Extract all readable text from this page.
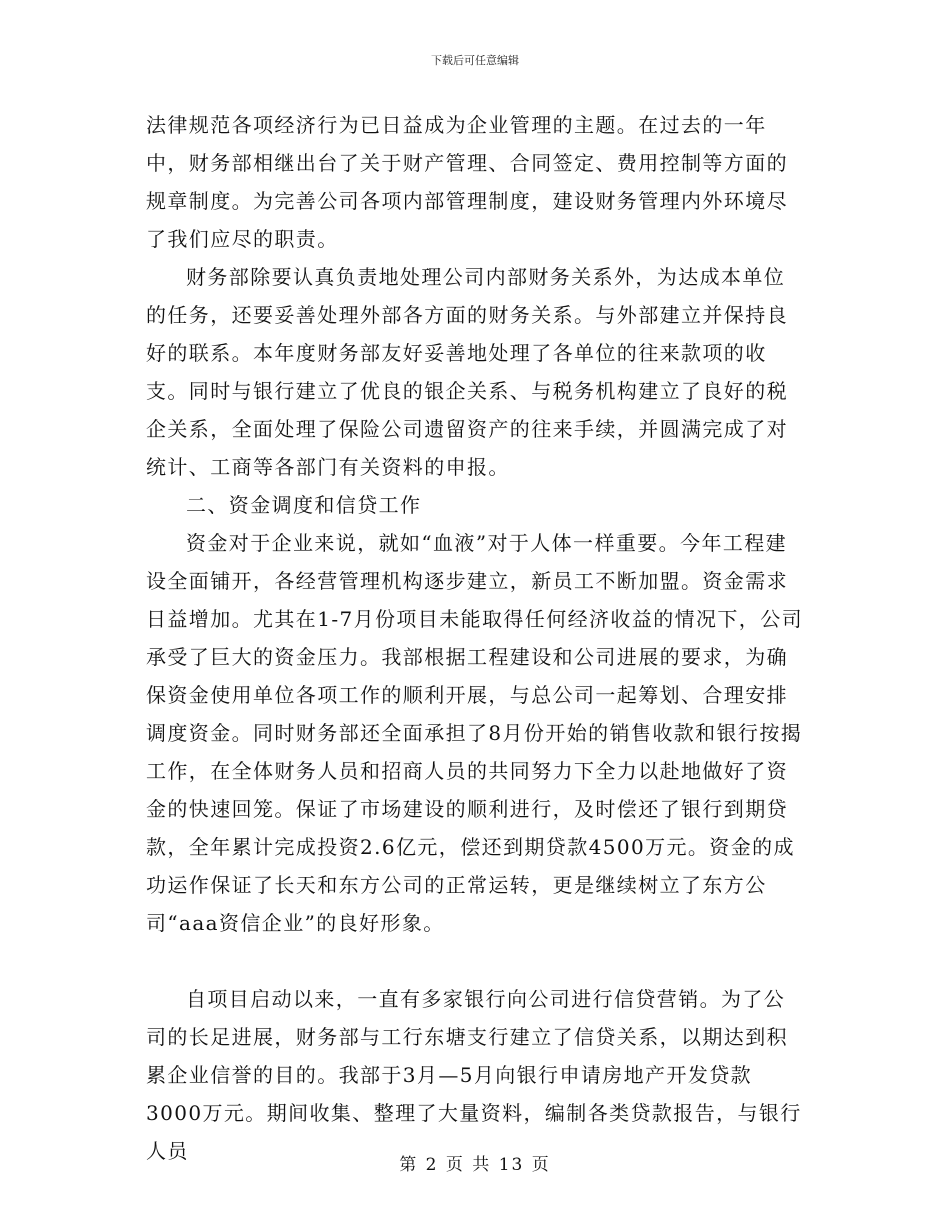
下载后可任意编辑

法律规范各项经济行为已日益成为企业管理的主题。在过去的一年中，财务部相继出台了关于财产管理、合同签定、费用控制等方面的规章制度。为完善公司各项内部管理制度，建设财务管理内外环境尽了我们应尽的职责。

财务部除要认真负责地处理公司内部财务关系外，为达成本单位的任务，还要妥善处理外部各方面的财务关系。与外部建立并保持良好的联系。本年度财务部友好妥善地处理了各单位的往来款项的收支。同时与银行建立了优良的银企关系、与税务机构建立了良好的税企关系，全面处理了保险公司遗留资产的往来手续，并圆满完成了对统计、工商等各部门有关资料的申报。

二、资金调度和信贷工作

资金对于企业来说，就如“血液”对于人体一样重要。今年工程建设全面铺开，各经营管理机构逐步建立，新员工不断加盟。资金需求日益增加。尤其在1-7月份项目未能取得任何经济收益的情况下，公司承受了巨大的资金压力。我部根据工程建设和公司进展的要求，为确保资金使用单位各项工作的顺利开展，与总公司一起筹划、合理安排调度资金。同时财务部还全面承担了8月份开始的销售收款和银行按揭工作，在全体财务人员和招商人员的共同努力下全力以赴地做好了资金的快速回笼。保证了市场建设的顺利进行，及时偿还了银行到期贷款，全年累计完成投资2.6亿元，偿还到期贷款4500万元。资金的成功运作保证了长天和东方公司的正常运转，更是继续树立了东方公司“aaa资信企业”的良好形象。

自项目启动以来，一直有多家银行向公司进行信贷营销。为了公司的长足进展，财务部与工行东塘支行建立了信贷关系，以期达到积累企业信誉的目的。我部于3月—5月向银行申请房地产开发贷款3000万元。期间收集、整理了大量资料，编制各类贷款报告，与银行人员

第 2 页 共 13 页
